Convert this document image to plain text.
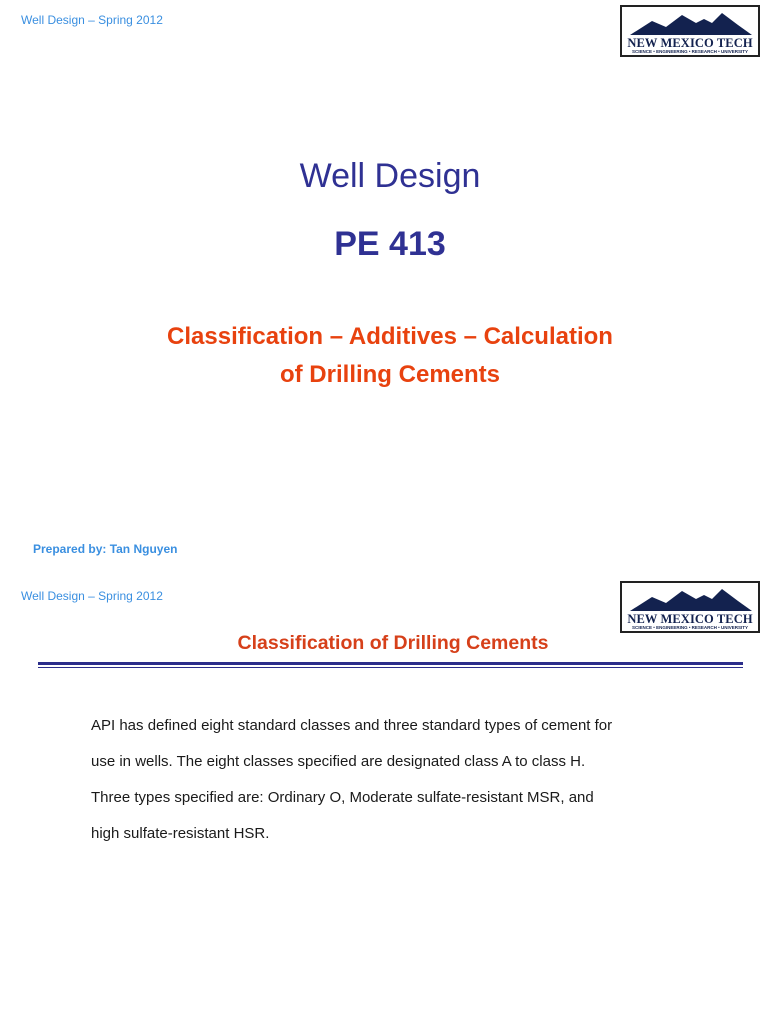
Well Design – Spring 2012
NEW MEXICO TECH
SCIENCE • ENGINEERING • RESEARCH • UNIVERSITY
Well Design
PE 413
Classification – Additives – Calculation
of Drilling Cements
Prepared by: Tan Nguyen
Well Design – Spring 2012
NEW MEXICO TECH
SCIENCE • ENGINEERING • RESEARCH • UNIVERSITY
Classification of Drilling Cements
API has defined eight standard classes and three standard types of cement for
use in wells. The eight classes specified are designated class A to class H.
Three types specified are: Ordinary O, Moderate sulfate-resistant MSR, and
high sulfate-resistant HSR.
